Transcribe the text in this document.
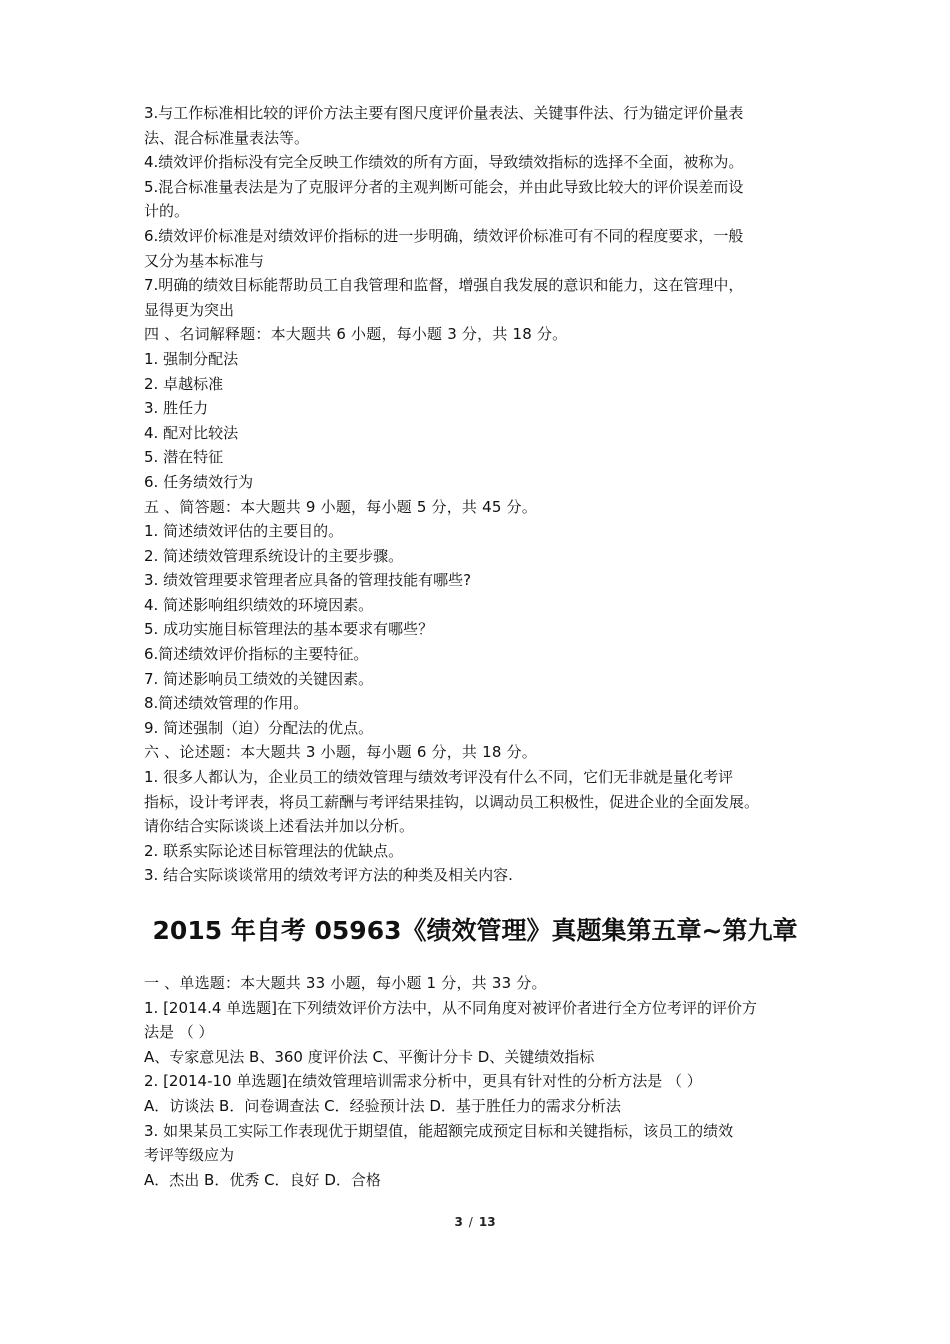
3.与工作标准相比较的评价方法主要有图尺度评价量表法、关键事件法、行为锚定评价量表
法、混合标准量表法等。
4.绩效评价指标没有完全反映工作绩效的所有方面，导致绩效指标的选择不全面，被称为。
5.混合标准量表法是为了克服评分者的主观判断可能会，并由此导致比较大的评价误差而设
计的。
6.绩效评价标准是对绩效评价指标的进一步明确，绩效评价标准可有不同的程度要求，一般
又分为基本标准与
7.明确的绩效目标能帮助员工自我管理和监督，增强自我发展的意识和能力，这在管理中，
显得更为突出
四 、名词解释题：本大题共 6 小题，每小题 3 分，共 18 分。
1. 强制分配法
2. 卓越标准
3. 胜任力
4. 配对比较法
5. 潜在特征
6. 任务绩效行为
五 、简答题：本大题共 9 小题，每小题 5 分，共 45 分。
1. 简述绩效评估的主要目的。
2. 简述绩效管理系统设计的主要步骤。
3. 绩效管理要求管理者应具备的管理技能有哪些?
4. 简述影响组织绩效的环境因素。
5. 成功实施目标管理法的基本要求有哪些？
6.简述绩效评价指标的主要特征。
7. 简述影响员工绩效的关键因素。
8.简述绩效管理的作用。
9. 简述强制（迫）分配法的优点。
六 、论述题：本大题共 3 小题，每小题 6 分，共 18 分。
1. 很多人都认为，企业员工的绩效管理与绩效考评没有什么不同，它们无非就是量化考评
指标，设计考评表，将员工薪酬与考评结果挂钩，以调动员工积极性，促进企业的全面发展。
请你结合实际谈谈上述看法并加以分析。
2. 联系实际论述目标管理法的优缺点。
3. 结合实际谈谈常用的绩效考评方法的种类及相关内容.
2015 年自考 05963《绩效管理》真题集第五章~第九章
一 、单选题：本大题共 33 小题，每小题 1 分，共 33 分。
1. [2014.4 单选题]在下列绩效评价方法中，从不同角度对被评价者进行全方位考评的评价方
法是 （ ）
A、专家意见法 B、360 度评价法 C、平衡计分卡 D、关键绩效指标
2. [2014-10 单选题]在绩效管理培训需求分析中，更具有针对性的分析方法是 （ ）
A．访谈法 B．问卷调查法 C．经验预计法 D．基于胜任力的需求分析法
3. 如果某员工实际工作表现优于期望值，能超额完成预定目标和关键指标，该员工的绩效
考评等级应为
A．杰出 B．优秀 C．良好 D．合格
3 / 13
